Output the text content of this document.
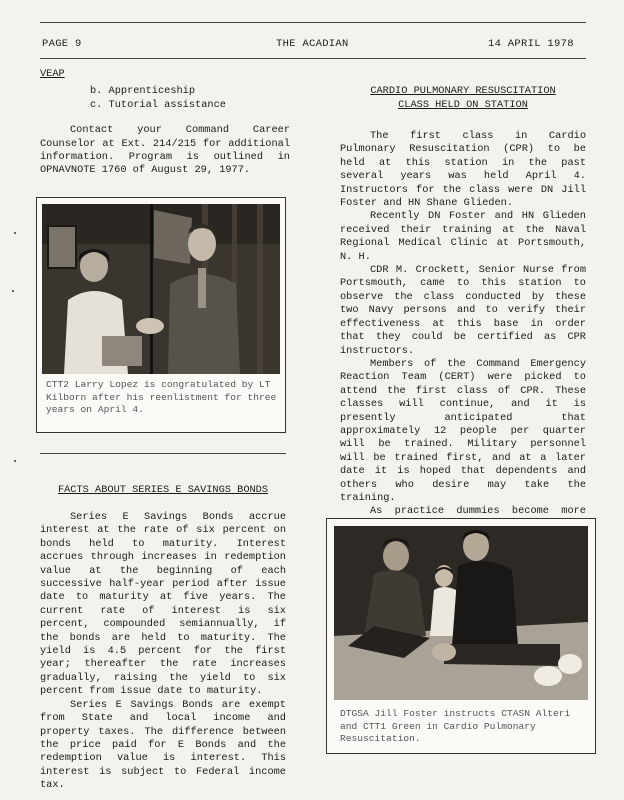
PAGE 9	THE ACADIAN	14 APRIL 1978
VEAP
b. Apprenticeship
c. Tutorial assistance

Contact your Command Career Counselor at Ext. 214/215 for additional information. Program is outlined in OPNAVNOTE 1760 of August 29, 1977.

CTT2 Larry Lopez is congratulated by LT Kilborn after his reenlistment for three years on April 4.
FACTS ABOUT SERIES E SAVINGS BONDS

Series E Savings Bonds accrue interest at the rate of six percent on bonds held to maturity. Interest accrues through increases in redemption value at the beginning of each successive half-year period after issue date to maturity at five years. The current rate of interest is six percent, compounded semiannually, if the bonds are held to maturity. The yield is 4.5 percent for the first year; thereafter the rate increases gradually, raising the yield to six percent from issue date to maturity.

Series E Savings Bonds are exempt from State and local income and property taxes. The difference between the price paid for E Bonds and the redemption value is interest. This interest is subject to Federal income tax.

CARDIO PULMONARY RESUSCITATION
CLASS HELD ON STATION

The first class in Cardio Pulmonary Resuscitation (CPR) to be held at this station in the past several years was held April 4. Instructors for the class were DN Jill Foster and HN Shane Glieden.

Recently DN Foster and HN Glieden received their training at the Naval Regional Medical Clinic at Portsmouth, N. H.

CDR M. Crockett, Senior Nurse from Portsmouth, came to this station to observe the class conducted by these two Navy persons and to verify their effectiveness at this base in order that they could be certified as CPR instructors.

Members of the Command Emergency Reaction Team (CERT) were picked to attend the first class of CPR. These classes will continue, and it is presently anticipated that approximately 12 people per quarter will be trained. Military personnel will be trained first, and at a later date it is hoped that dependents and others who desire may take the training.

As practice dummies become more

DTGSA Jill Foster instructs CTASN Alteri and CTT1 Green in Cardio Pulmonary Resuscitation.
